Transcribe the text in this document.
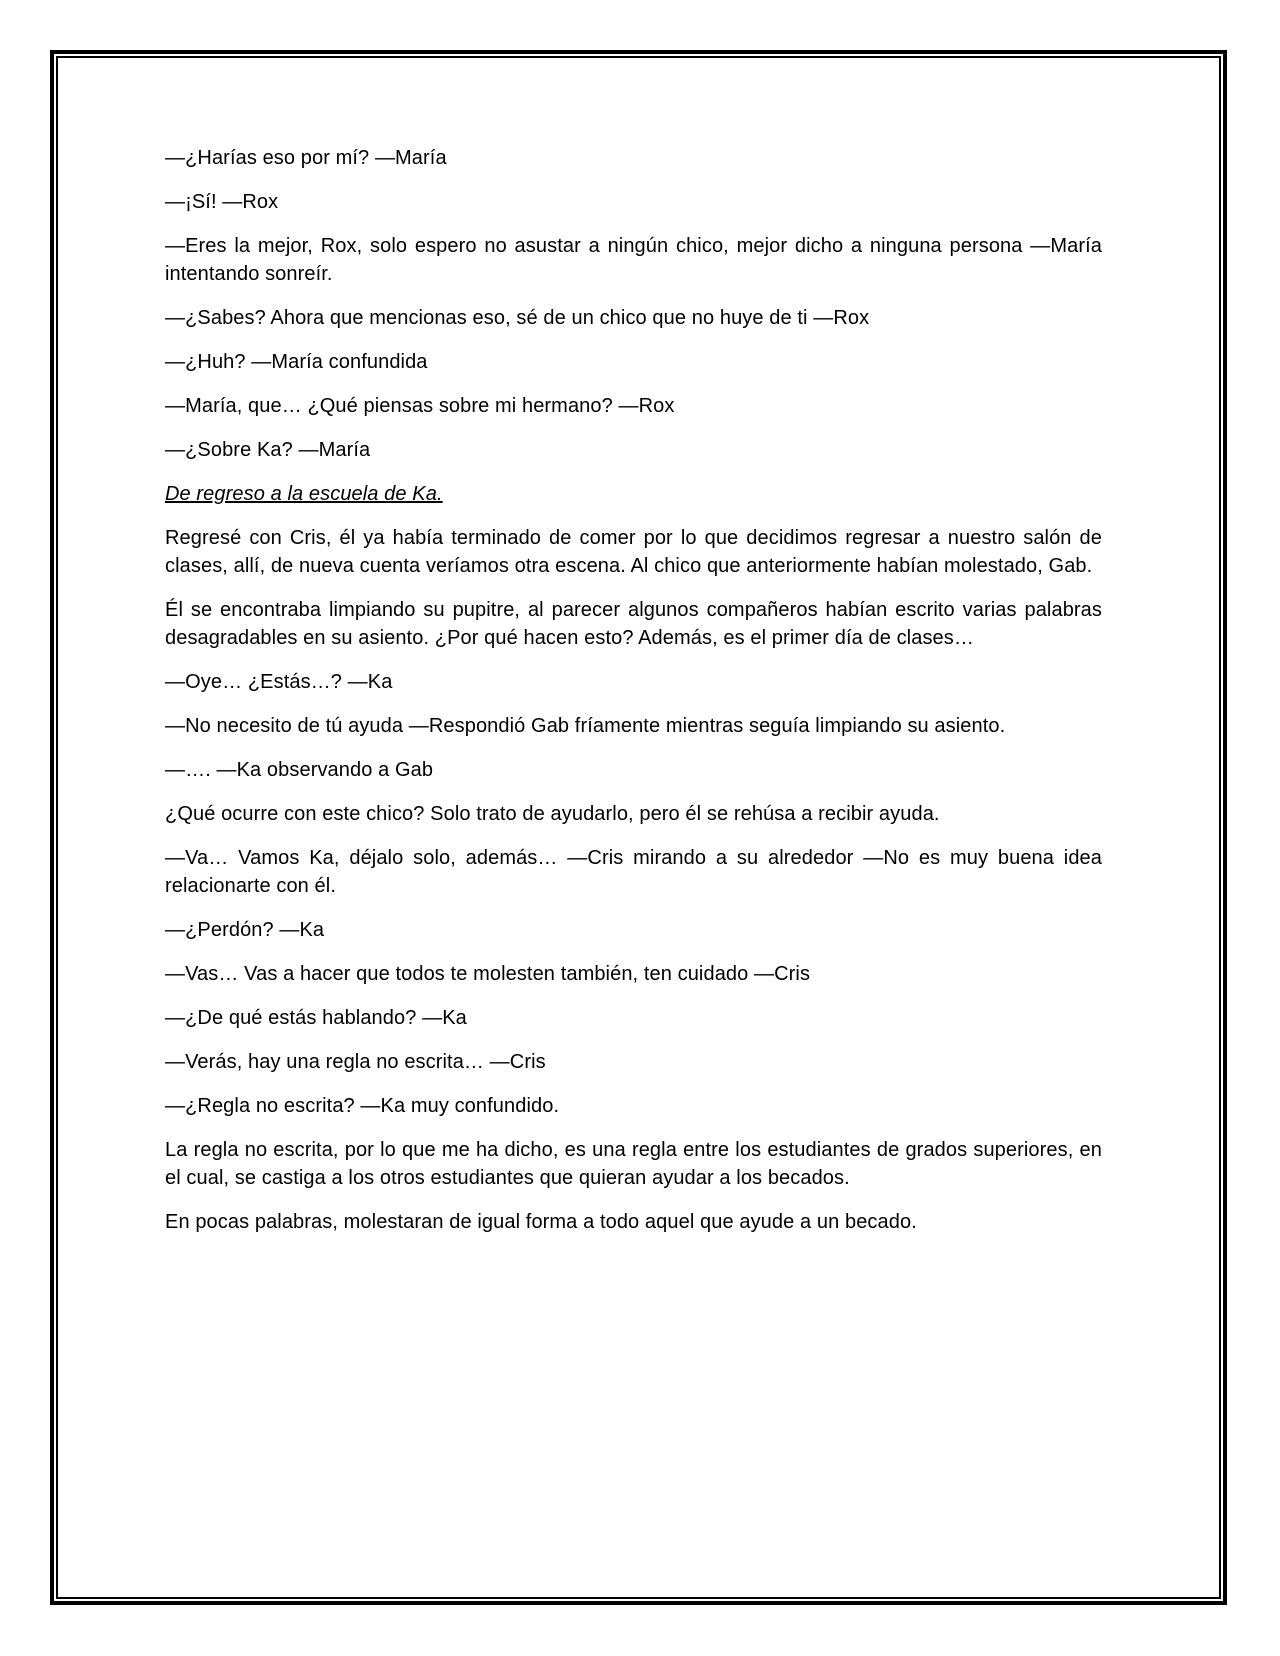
—¿Harías eso por mí? —María

—¡Sí! —Rox

—Eres la mejor, Rox, solo espero no asustar a ningún chico, mejor dicho a ninguna persona —María intentando sonreír.

—¿Sabes? Ahora que mencionas eso, sé de un chico que no huye de ti —Rox

—¿Huh? —María confundida

—María, que… ¿Qué piensas sobre mi hermano? —Rox

—¿Sobre Ka? —María

De regreso a la escuela de Ka.

Regresé con Cris, él ya había terminado de comer por lo que decidimos regresar a nuestro salón de clases, allí, de nueva cuenta veríamos otra escena. Al chico que anteriormente habían molestado, Gab.

Él se encontraba limpiando su pupitre, al parecer algunos compañeros habían escrito varias palabras desagradables en su asiento. ¿Por qué hacen esto? Además, es el primer día de clases…

—Oye… ¿Estás…? —Ka

—No necesito de tú ayuda —Respondió Gab fríamente mientras seguía limpiando su asiento.

—…. —Ka observando a Gab

¿Qué ocurre con este chico? Solo trato de ayudarlo, pero él se rehúsa a recibir ayuda.

—Va… Vamos Ka, déjalo solo, además… —Cris mirando a su alrededor —No es muy buena idea relacionarte con él.

—¿Perdón? —Ka

—Vas… Vas a hacer que todos te molesten también, ten cuidado —Cris

—¿De qué estás hablando? —Ka

—Verás, hay una regla no escrita… —Cris

—¿Regla no escrita? —Ka muy confundido.

La regla no escrita, por lo que me ha dicho, es una regla entre los estudiantes de grados superiores, en el cual, se castiga a los otros estudiantes que quieran ayudar a los becados.

En pocas palabras, molestaran de igual forma a todo aquel que ayude a un becado.
